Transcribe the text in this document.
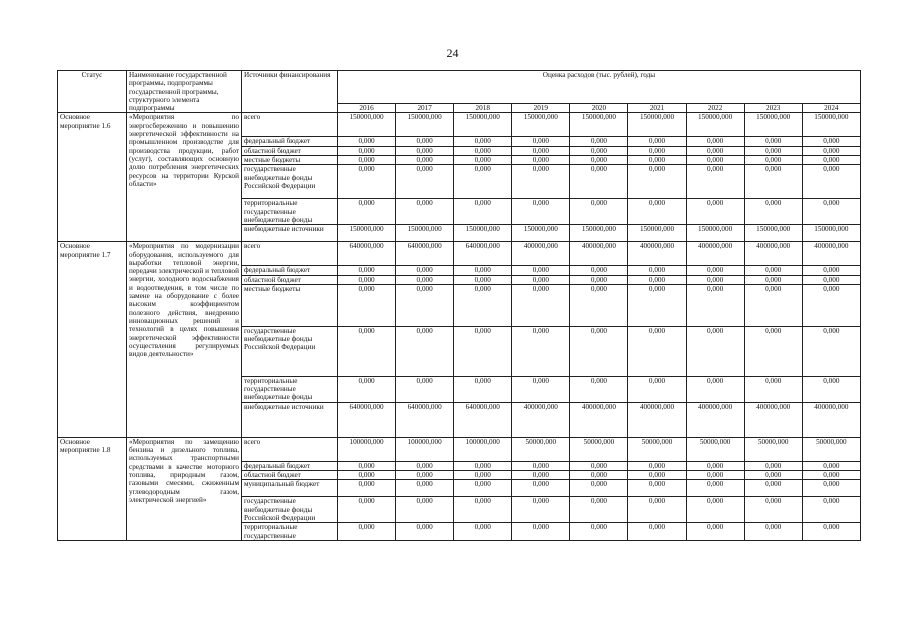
24
Статус	Наименование государственной программы, подпрограммы государственной программы, структурного элемента подпрограммы	Источники финансирования	Оценка расходов (тыс. рублей), годы								
			2016	2017	2018	2019	2020	2021	2022	2023	2024
Основное мероприятие 1.6	«Мероприятия по энергосбережению и повышению энергетической эффективности на промышленном производстве для производства продукции, работ (услуг), составляющих основную долю потребления энергетических ресурсов на территории Курской области»	всего	150000,000	150000,000	150000,000	150000,000	150000,000	150000,000	150000,000	150000,000	150000,000
		федеральный бюджет	0,000	0,000	0,000	0,000	0,000	0,000	0,000	0,000	0,000
		областной бюджет	0,000	0,000	0,000	0,000	0,000	0,000	0,000	0,000	0,000
		местные бюджеты	0,000	0,000	0,000	0,000	0,000	0,000	0,000	0,000	0,000
		государственные внебюджетные фонды Российской Федерации	0,000	0,000	0,000	0,000	0,000	0,000	0,000	0,000	0,000
		территориальные государственные внебюджетные фонды	0,000	0,000	0,000	0,000	0,000	0,000	0,000	0,000	0,000
		внебюджетные источники	150000,000	150000,000	150000,000	150000,000	150000,000	150000,000	150000,000	150000,000	150000,000
Основное мероприятие 1.7	«Мероприятия по модернизации оборудования, используемого для выработки тепловой энергии, передачи электрической и тепловой энергии, холодного водоснабжения и водоотведения, в том числе по замене на оборудование с более высоким коэффициентом полезного действия, внедрению инновационных решений и технологий в целях повышения энергетической эффективности осуществления регулируемых видов деятельности»	всего	640000,000	640000,000	640000,000	400000,000	400000,000	400000,000	400000,000	400000,000	400000,000
		федеральный бюджет	0,000	0,000	0,000	0,000	0,000	0,000	0,000	0,000	0,000
		областной бюджет	0,000	0,000	0,000	0,000	0,000	0,000	0,000	0,000	0,000
		местные бюджеты	0,000	0,000	0,000	0,000	0,000	0,000	0,000	0,000	0,000
		государственные внебюджетные фонды Российской Федерации	0,000	0,000	0,000	0,000	0,000	0,000	0,000	0,000	0,000
		территориальные государственные внебюджетные фонды	0,000	0,000	0,000	0,000	0,000	0,000	0,000	0,000	0,000
		внебюджетные источники	640000,000	640000,000	640000,000	400000,000	400000,000	400000,000	400000,000	400000,000	400000,000
Основное мероприятие 1.8	«Мероприятия по замещению бензина и дизельного топлива, используемых транспортными средствами в качестве моторного топлива, природным газом, газовыми смесями, сжиженным углеводородным газом, электрической энергией»	всего	100000,000	100000,000	100000,000	50000,000	50000,000	50000,000	50000,000	50000,000	50000,000
		федеральный бюджет	0,000	0,000	0,000	0,000	0,000	0,000	0,000	0,000	0,000
		областной бюджет	0,000	0,000	0,000	0,000	0,000	0,000	0,000	0,000	0,000
		муниципальный бюджет	0,000	0,000	0,000	0,000	0,000	0,000	0,000	0,000	0,000
		государственные внебюджетные фонды Российской Федерации	0,000	0,000	0,000	0,000	0,000	0,000	0,000	0,000	0,000
		территориальные государственные	0,000	0,000	0,000	0,000	0,000	0,000	0,000	0,000	0,000
